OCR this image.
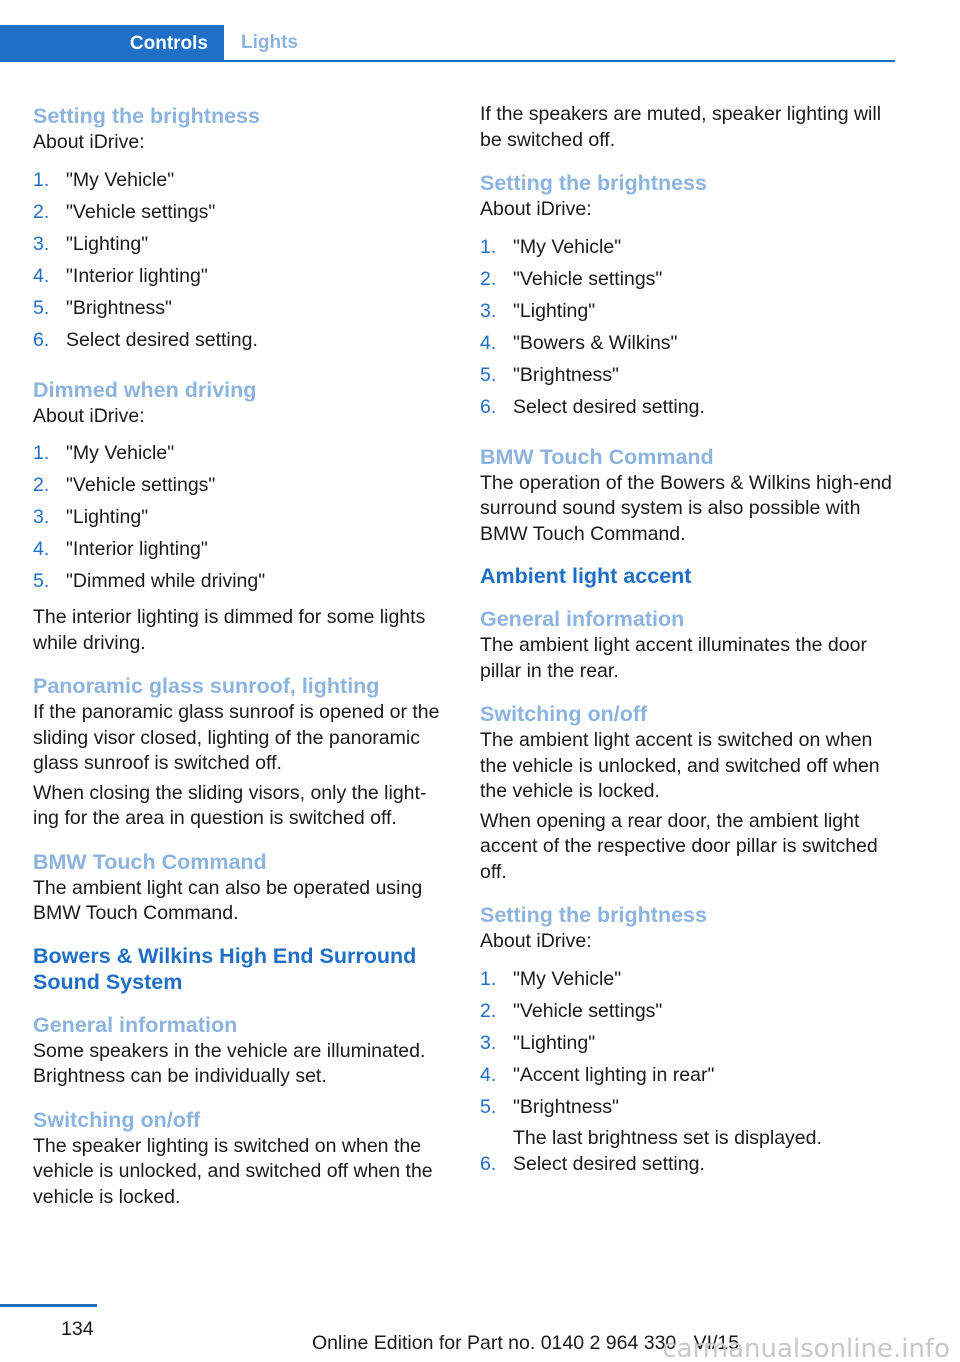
Controls	Lights
Setting the brightness

About iDrive:

1. "My Vehicle"
2. "Vehicle settings"
3. "Lighting"
4. "Interior lighting"
5. "Brightness"
6. Select desired setting.
Dimmed when driving

About iDrive:

1. "My Vehicle"
2. "Vehicle settings"
3. "Lighting"
4. "Interior lighting"
5. "Dimmed while driving"

The interior lighting is dimmed for some lights while driving.

Panoramic glass sunroof, lighting

If the panoramic glass sunroof is opened or the sliding visor closed, lighting of the panoramic glass sunroof is switched off.

When closing the sliding visors, only the light‐ing for the area in question is switched off.

BMW Touch Command

The ambient light can also be operated using BMW Touch Command.

Bowers & Wilkins High End Surround Sound System
General information

Some speakers in the vehicle are illuminated. Brightness can be individually set.

Switching on/off

The speaker lighting is switched on when the vehicle is unlocked, and switched off when the vehicle is locked.

If the speakers are muted, speaker lighting will be switched off.

Setting the brightness

About iDrive:

1. "My Vehicle"
2. "Vehicle settings"
3. "Lighting"
4. "Bowers & Wilkins"
5. "Brightness"
6. Select desired setting.
BMW Touch Command

The operation of the Bowers & Wilkins high‐end surround sound system is also possible with BMW Touch Command.

Ambient light accent
General information

The ambient light accent illuminates the door pillar in the rear.

Switching on/off

The ambient light accent is switched on when the vehicle is unlocked, and switched off when the vehicle is locked.

When opening a rear door, the ambient light accent of the respective door pillar is switched off.

Setting the brightness

About iDrive:

1. "My Vehicle"
2. "Vehicle settings"
3. "Lighting"
4. "Accent lighting in rear"
5. "Brightness"
The last brightness set is displayed.
6. Select desired setting.
134
Online Edition for Part no. 0140 2 964 330 - VI/15
carmanualsonline.info
